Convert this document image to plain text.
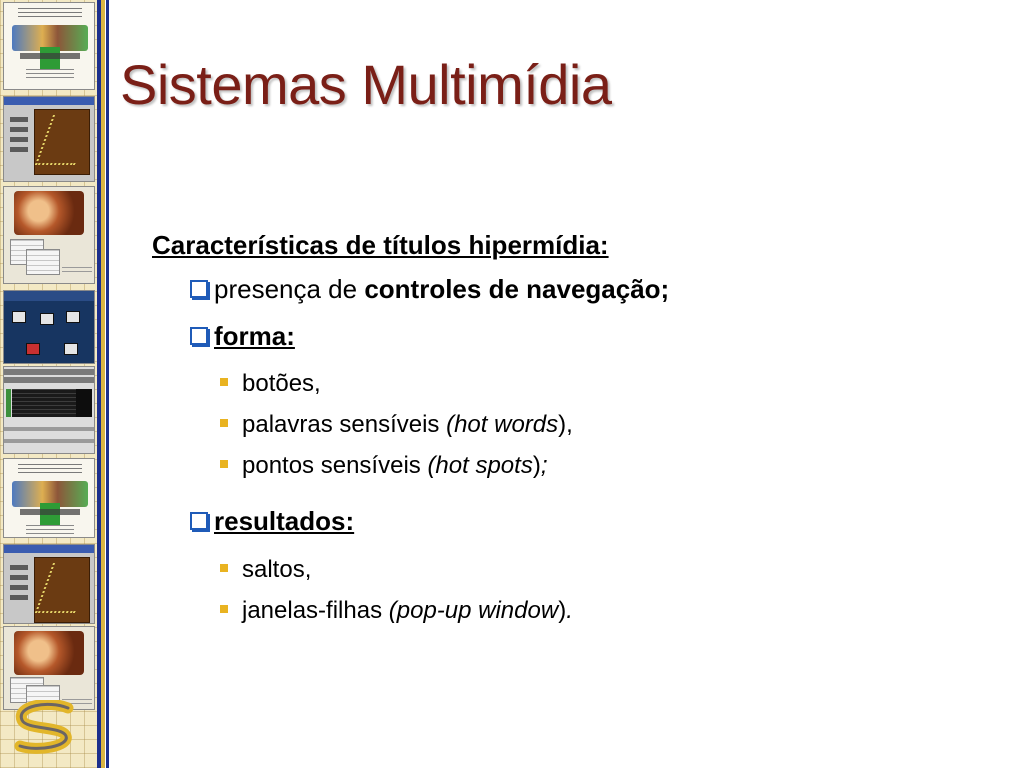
Sistemas Multimídia
Características de títulos hipermídia:
presença de controles de navegação;
forma:
botões,
palavras sensíveis (hot words ),
pontos sensíveis (hot spots ) ;
resultados:
saltos,
janelas-filhas (pop-up window ) .
